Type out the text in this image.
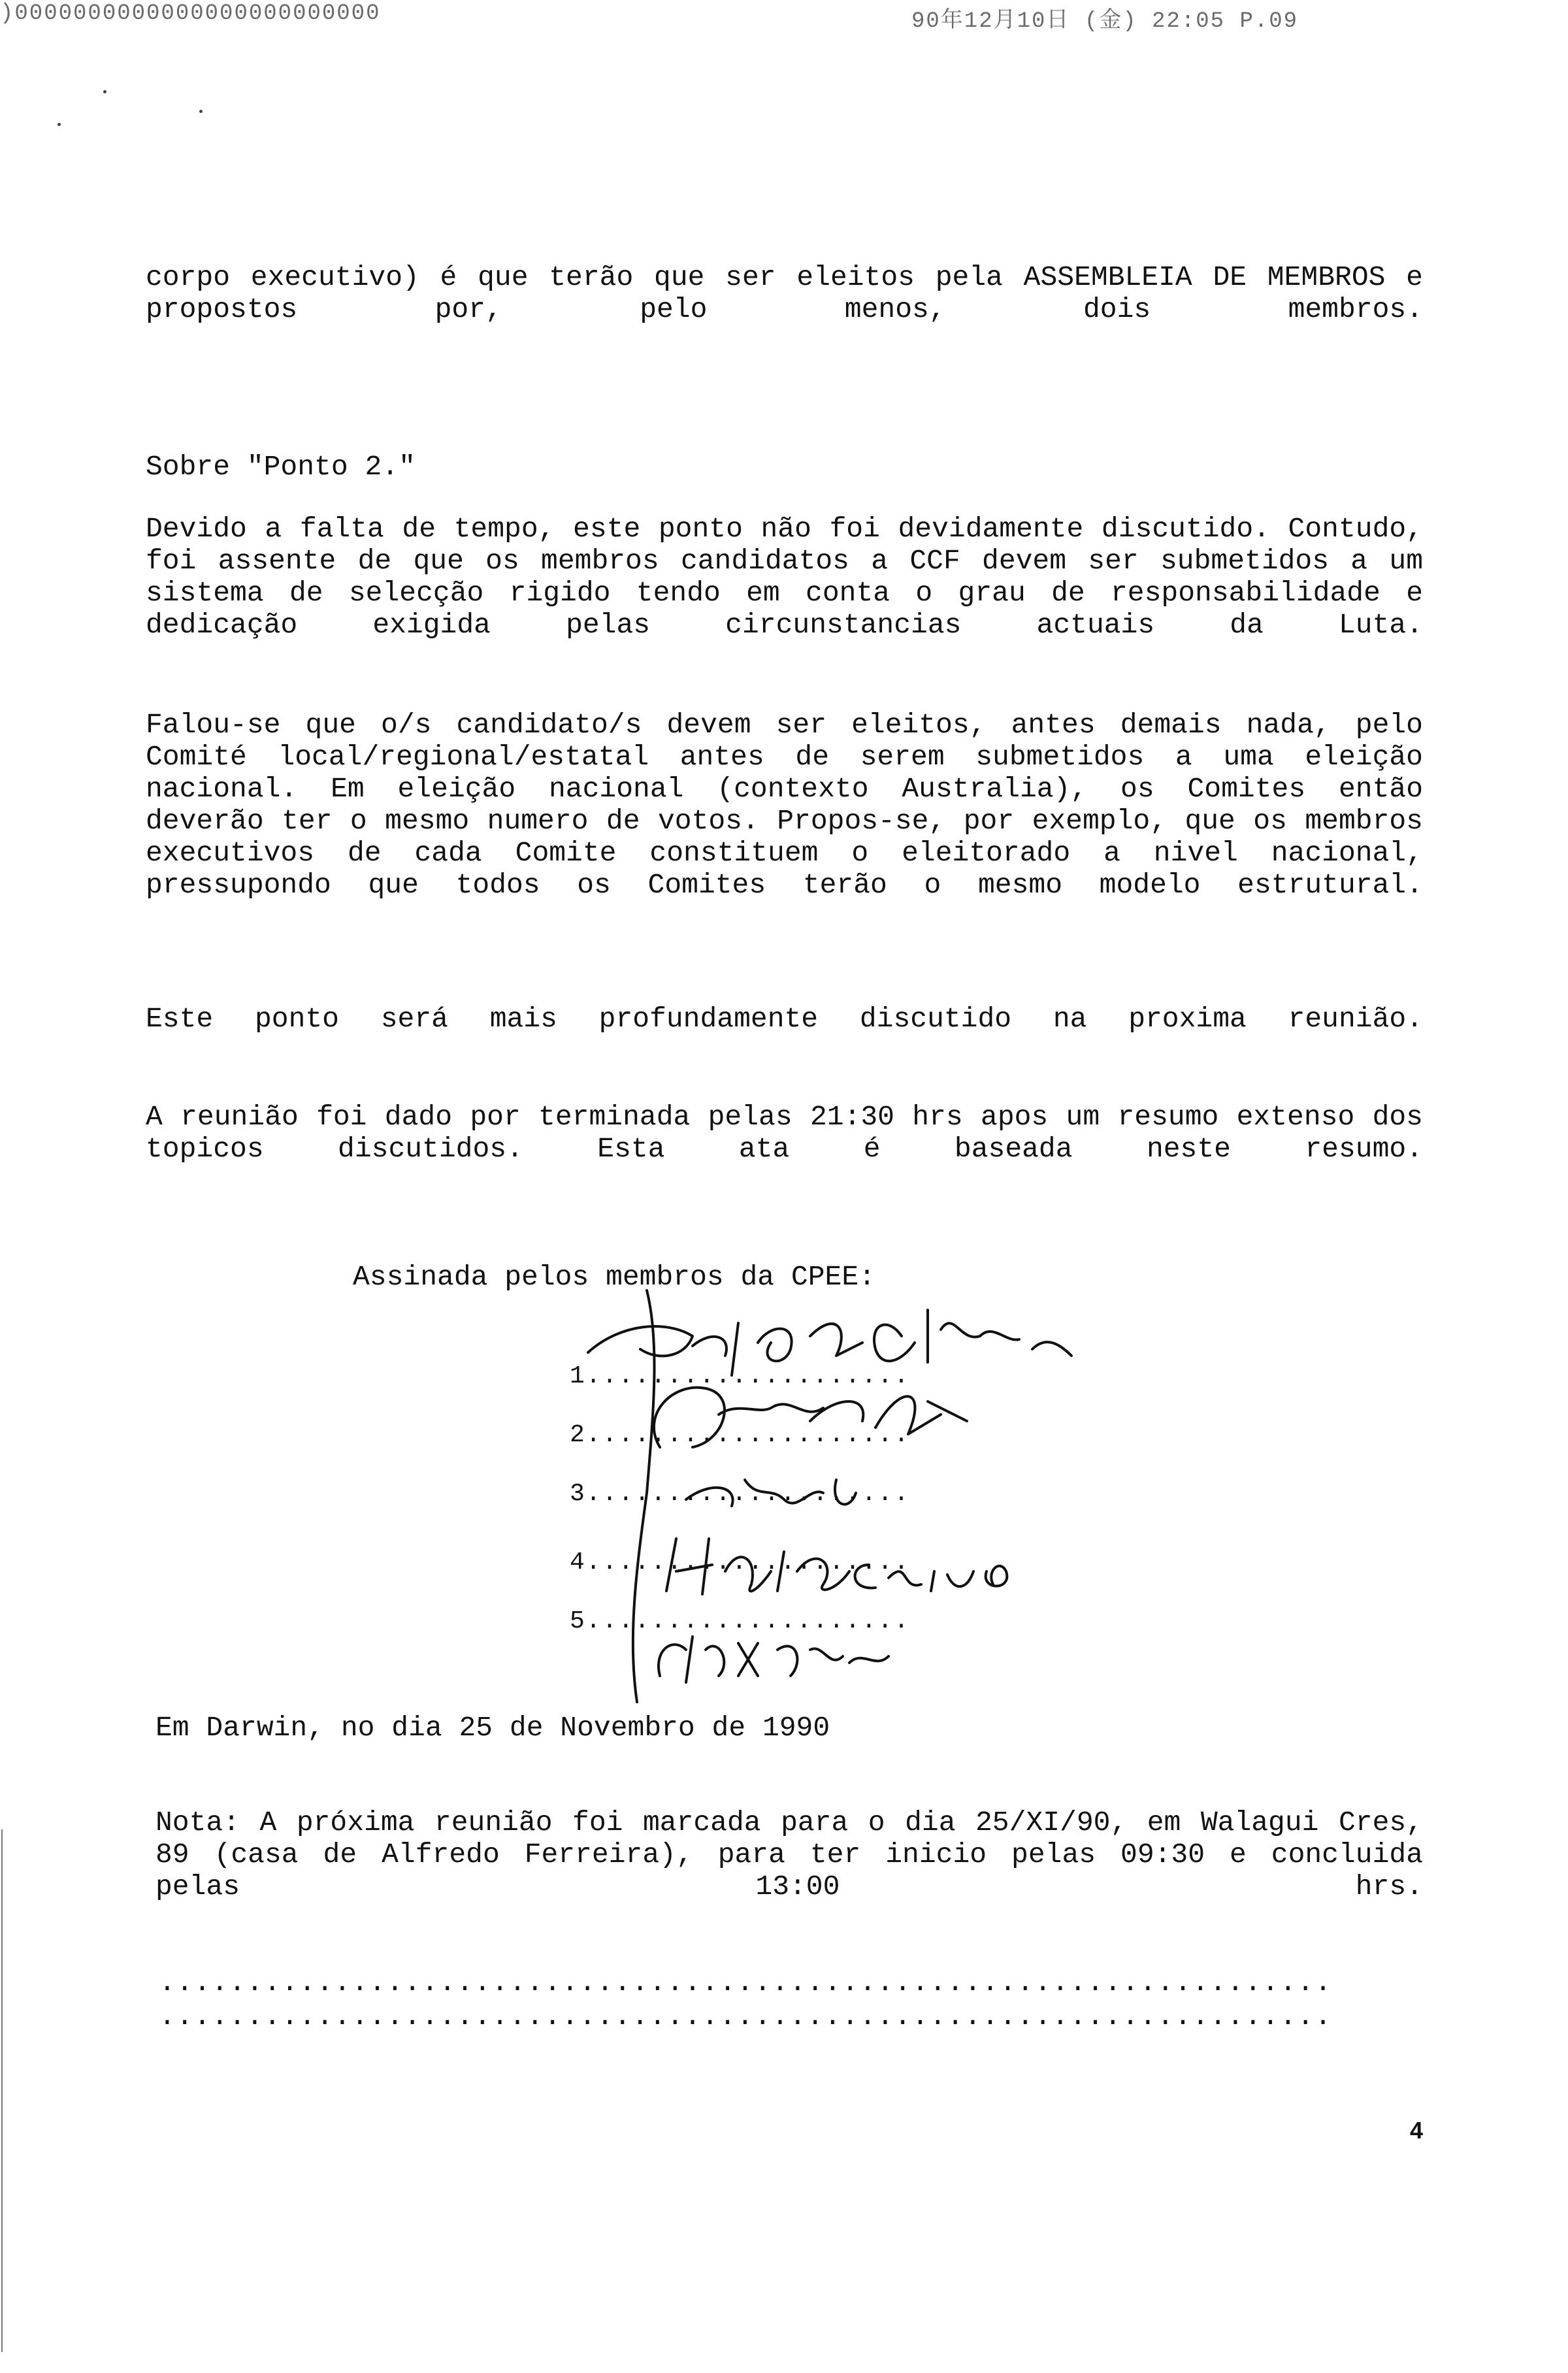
)0000000000000000000000000	90年12月10日 (金) 22:05 P.09
corpo executivo) é que terão que ser eleitos pela ASSEMBLEIA DE MEMBROS e propostos por, pelo menos, dois membros.
Sobre "Ponto 2."
Devido a falta de tempo, este ponto não foi devidamente discutido. Contudo, foi assente de que os membros candidatos a CCF devem ser submetidos a um sistema de selecção rigido tendo em conta o grau de responsabilidade e dedicação exigida pelas circunstancias actuais da Luta.
Falou-se que o/s candidato/s devem ser eleitos, antes demais nada, pelo Comité local/regional/estatal antes de serem submetidos a uma eleição nacional. Em eleição nacional (contexto Australia), os Comites então deverão ter o mesmo numero de votos. Propos-se, por exemplo, que os membros executivos de cada Comite constituem o eleitorado a nivel nacional, pressupondo que todos os Comites terão o mesmo modelo estrutural.
Este ponto será mais profundamente discutido na proxima reunião.
A reunião foi dado por terminada pelas 21:30 hrs apos um resumo extenso dos topicos discutidos. Esta ata é baseada neste resumo.
Assinada pelos membros da CPEE:
1....................
2....................
3....................
4....................
5....................
Em Darwin, no dia 25 de Novembro de 1990
Nota: A próxima reunião foi marcada para o dia 25/XI/90, em Walagui Cres, 89 (casa de Alfredo Ferreira), para ter inicio pelas 09:30 e concluida pelas 13:00 hrs.
...................................................................
...................................................................
4
